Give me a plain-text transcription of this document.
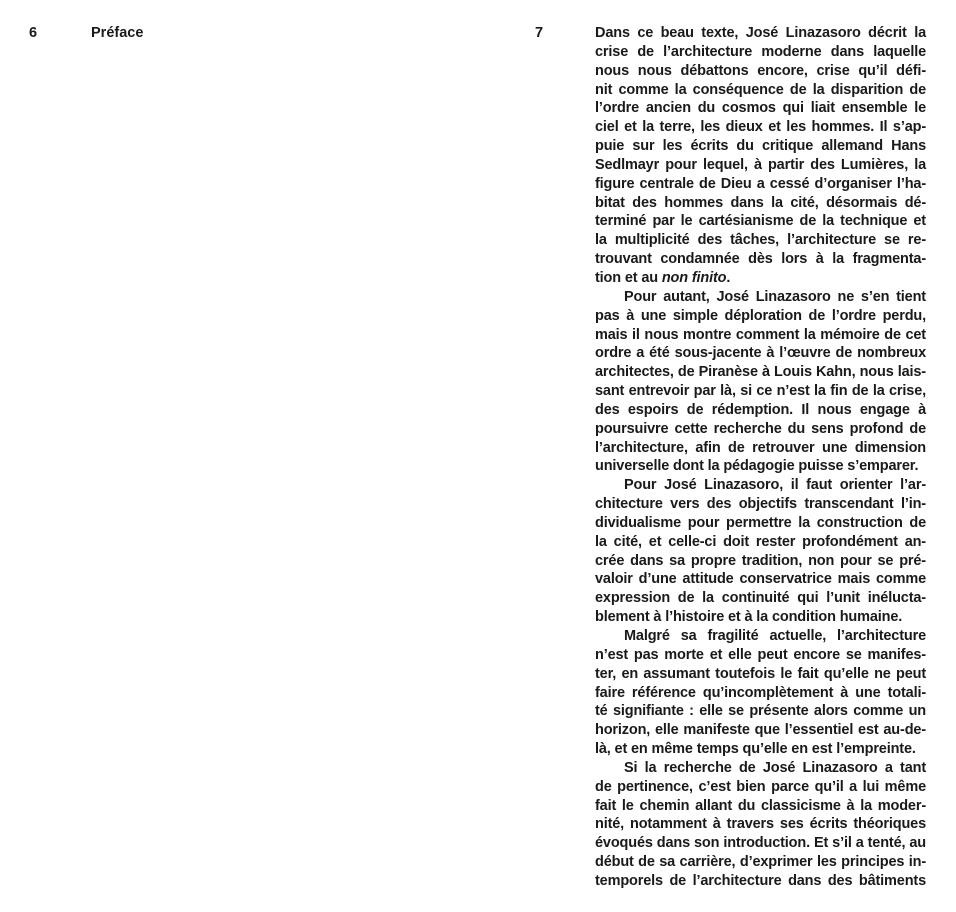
6	Préface	7	Dans ce beau texte, José Linazasoro décrit la
crise de l’architecture moderne dans laquelle
nous nous débattons encore, crise qu’il défi-
nit comme la conséquence de la disparition de
l’ordre ancien du cosmos qui liait ensemble le
ciel et la terre, les dieux et les hommes. Il s’ap-
puie sur les écrits du critique allemand Hans
Sedlmayr pour lequel, à partir des Lumières, la
figure centrale de Dieu a cessé d’organiser l’ha-
bitat des hommes dans la cité, désormais dé-
terminé par le cartésianisme de la technique et
la multiplicité des tâches, l’architecture se re-
trouvant condamnée dès lors à la fragmenta-
tion et au non finito.
Pour autant, José Linazasoro ne s’en tient
pas à une simple déploration de l’ordre perdu,
mais il nous montre comment la mémoire de cet
ordre a été sous-jacente à l’œuvre de nombreux
architectes, de Piranèse à Louis Kahn, nous lais-
sant entrevoir par là, si ce n’est la fin de la crise,
des espoirs de rédemption. Il nous engage à
poursuivre cette recherche du sens profond de
l’architecture, afin de retrouver une dimension
universelle dont la pédagogie puisse s’emparer.
Pour José Linazasoro, il faut orienter l’ar-
chitecture vers des objectifs transcendant l’in-
dividualisme pour permettre la construction de
la cité, et celle-ci doit rester profondément an-
crée dans sa propre tradition, non pour se pré-
valoir d’une attitude conservatrice mais comme
expression de la continuité qui l’unit inéluctа-
blement à l’histoire et à la condition humaine.
Malgré sa fragilité actuelle, l’architecture
n’est pas morte et elle peut encore se manifes-
ter, en assumant toutefois le fait qu’elle ne peut
faire référence qu’incomplètement à une totali-
té signifiante : elle se présente alors comme un
horizon, elle manifeste que l’essentiel est au-de-
là, et en même temps qu’elle en est l’empreinte.
Si la recherche de José Linazasoro a tant
de pertinence, c’est bien parce qu’il a lui même
fait le chemin allant du classicisme à la moder-
nité, notamment à travers ses écrits théoriques
évoqués dans son introduction. Et s’il a tenté, au
début de sa carrière, d’exprimer les principes in-
temporels de l’architecture dans des bâtiments
